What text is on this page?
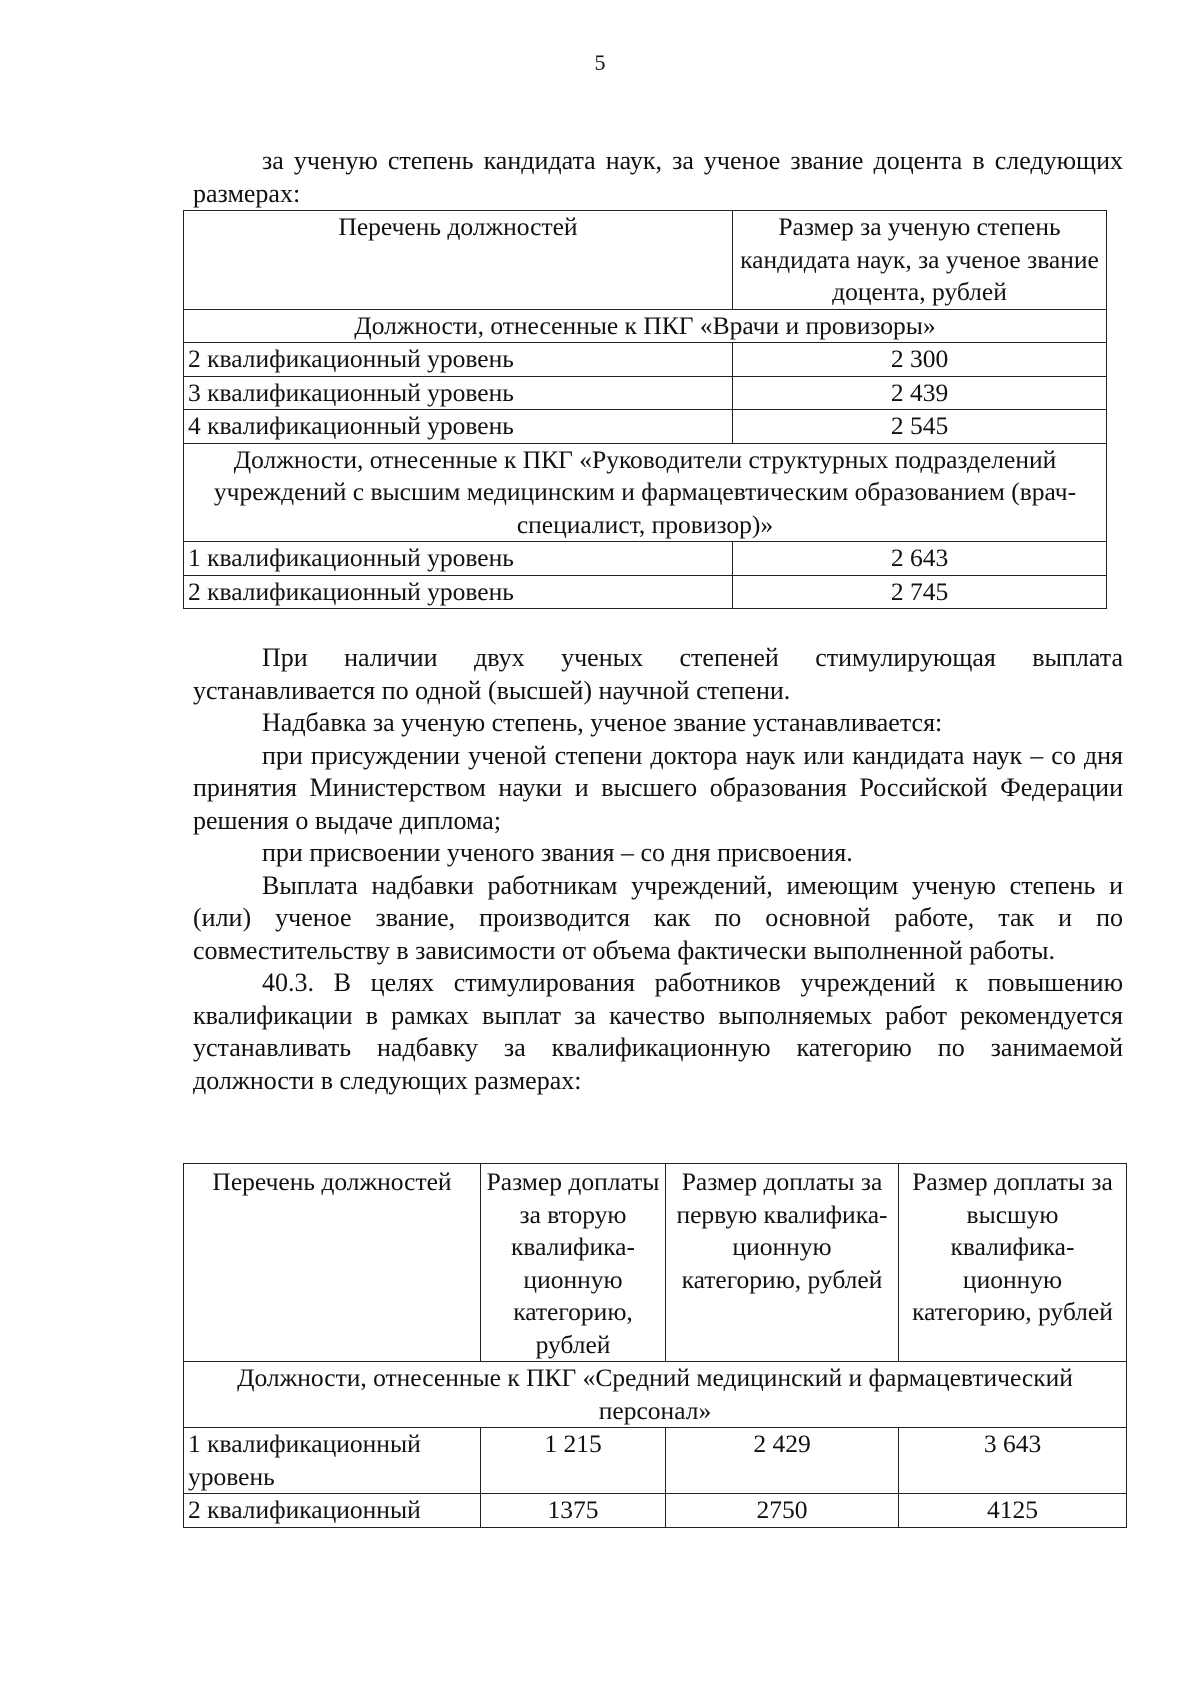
5

за ученую степень кандидата наук, за ученое звание доцента в следующих размерах:

Перечень должностей	Размер за ученую степень кандидата наук, за ученое звание доцента, рублей
Должности, отнесенные к ПКГ «Врачи и провизоры»	
2 квалификационный уровень	2 300
3 квалификационный уровень	2 439
4 квалификационный уровень	2 545
Должности, отнесенные к ПКГ «Руководители структурных подразделений учреждений с высшим медицинским и фармацевтическим образованием (врач-специалист, провизор)»	
1 квалификационный уровень	2 643
2 квалификационный уровень	2 745

При наличии двух ученых степеней стимулирующая выплата устанавливается по одной (высшей) научной степени.

Надбавка за ученую степень, ученое звание устанавливается:

при присуждении ученой степени доктора наук или кандидата наук – со дня принятия Министерством науки и высшего образования Российской Федерации решения о выдаче диплома;

при присвоении ученого звания – со дня присвоения.

Выплата надбавки работникам учреждений, имеющим ученую степень и (или) ученое звание, производится как по основной работе, так и по совместительству в зависимости от объема фактически выполненной работы.

40.3. В целях стимулирования работников учреждений к повышению квалификации в рамках выплат за качество выполняемых работ рекомендуется устанавливать надбавку за квалификационную категорию по занимаемой должности в следующих размерах:

Перечень должностей	Размер доплаты за вторую квалифика-ционную категорию, рублей	Размер доплаты за первую квалифика-ционную категорию, рублей	Размер доплаты за высшую квалифика-ционную категорию, рублей
Должности, отнесенные к ПКГ «Средний медицинский и фармацевтический персонал»			
1 квалификационный уровень	1 215	2 429	3 643
2 квалификационный	1375	2750	4125
